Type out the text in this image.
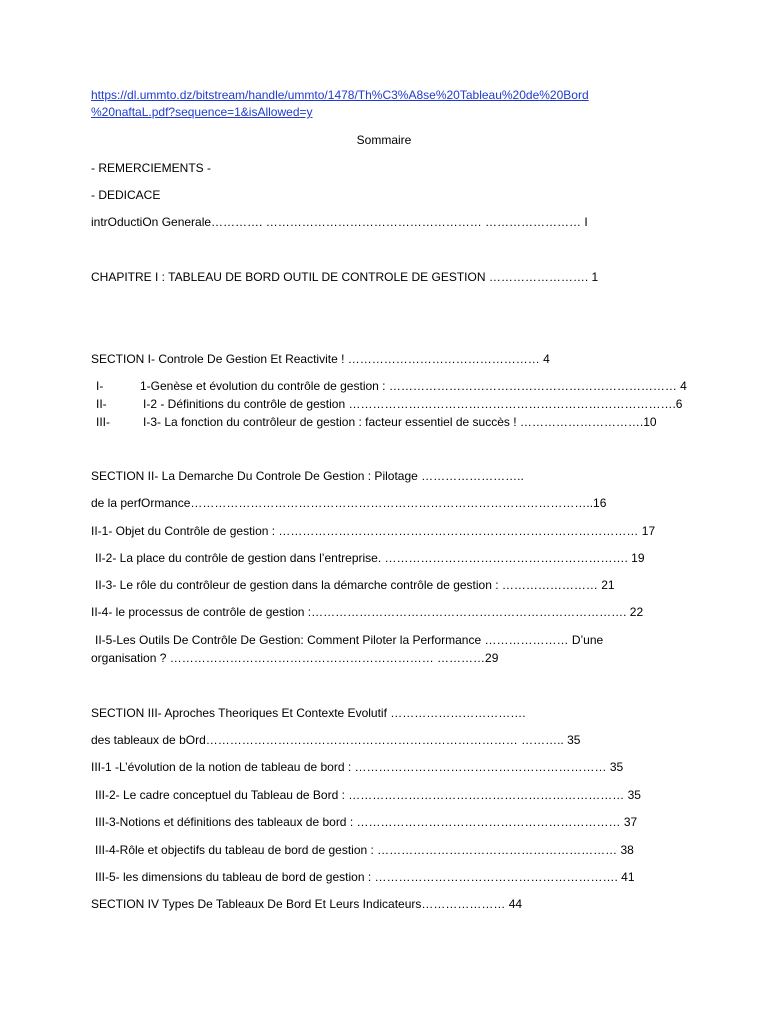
https://dl.ummto.dz/bitstream/handle/ummto/1478/Th%C3%A8se%20Tableau%20de%20Bord
%20naftaL.pdf?sequence=1&isAllowed=y
Sommaire
- REMERCIEMENTS -
- DEDICACE
intrOductiOn Generale…………. ……………………………………………… …………………… I
CHAPITRE I : TABLEAU DE BORD OUTIL DE CONTROLE DE GESTION ……………………. 1
SECTION I- Controle De Gestion Et Reactivite ! ………………………………………… 4
I-	1-Genèse et évolution du contrôle de gestion : ……………………………………………………………… 4
II-	I-2 - Définitions du contrôle de gestion ……………………………………………………………………….6
III-	I-3- La fonction du contrôleur de gestion : facteur essentiel de succès ! ………………………….10
SECTION II- La Demarche Du Controle De Gestion : Pilotage ……………………..
de la perfOrmance………………………………………………………………………………………..16
II-1- Objet du Contrôle de gestion : ……………………………………………………………………………… 17
II-2- La place du contrôle de gestion dans l’entreprise. ……………………………………………………. 19
II-3- Le rôle du contrôleur de gestion dans la démarche contrôle de gestion : …………………… 21
II-4- le processus de contrôle de gestion :……………………………………………………………………. 22
II-5-Les Outils De Contrôle De Gestion: Comment Piloter la Performance ………………… D’une
organisation ? ………………………………………………………… …………29
SECTION III- Aproches Theoriques Et Contexte Evolutif …………………………….
des tableaux de bOrd…………………………………………………………………… ……….. 35
III-1 -L’évolution de la notion de tableau de bord : ……………………………………………………… 35
III-2- Le cadre conceptuel du Tableau de Bord : …………………………………………………………… 35
III-3-Notions et définitions des tableaux de bord : ………………………………………………………… 37
III-4-Rôle et objectifs du tableau de bord de gestion : …………………………………………………… 38
III-5- les dimensions du tableau de bord de gestion : ……………………………………………………. 41
SECTION IV Types De Tableaux De Bord Et Leurs Indicateurs………………… 44
